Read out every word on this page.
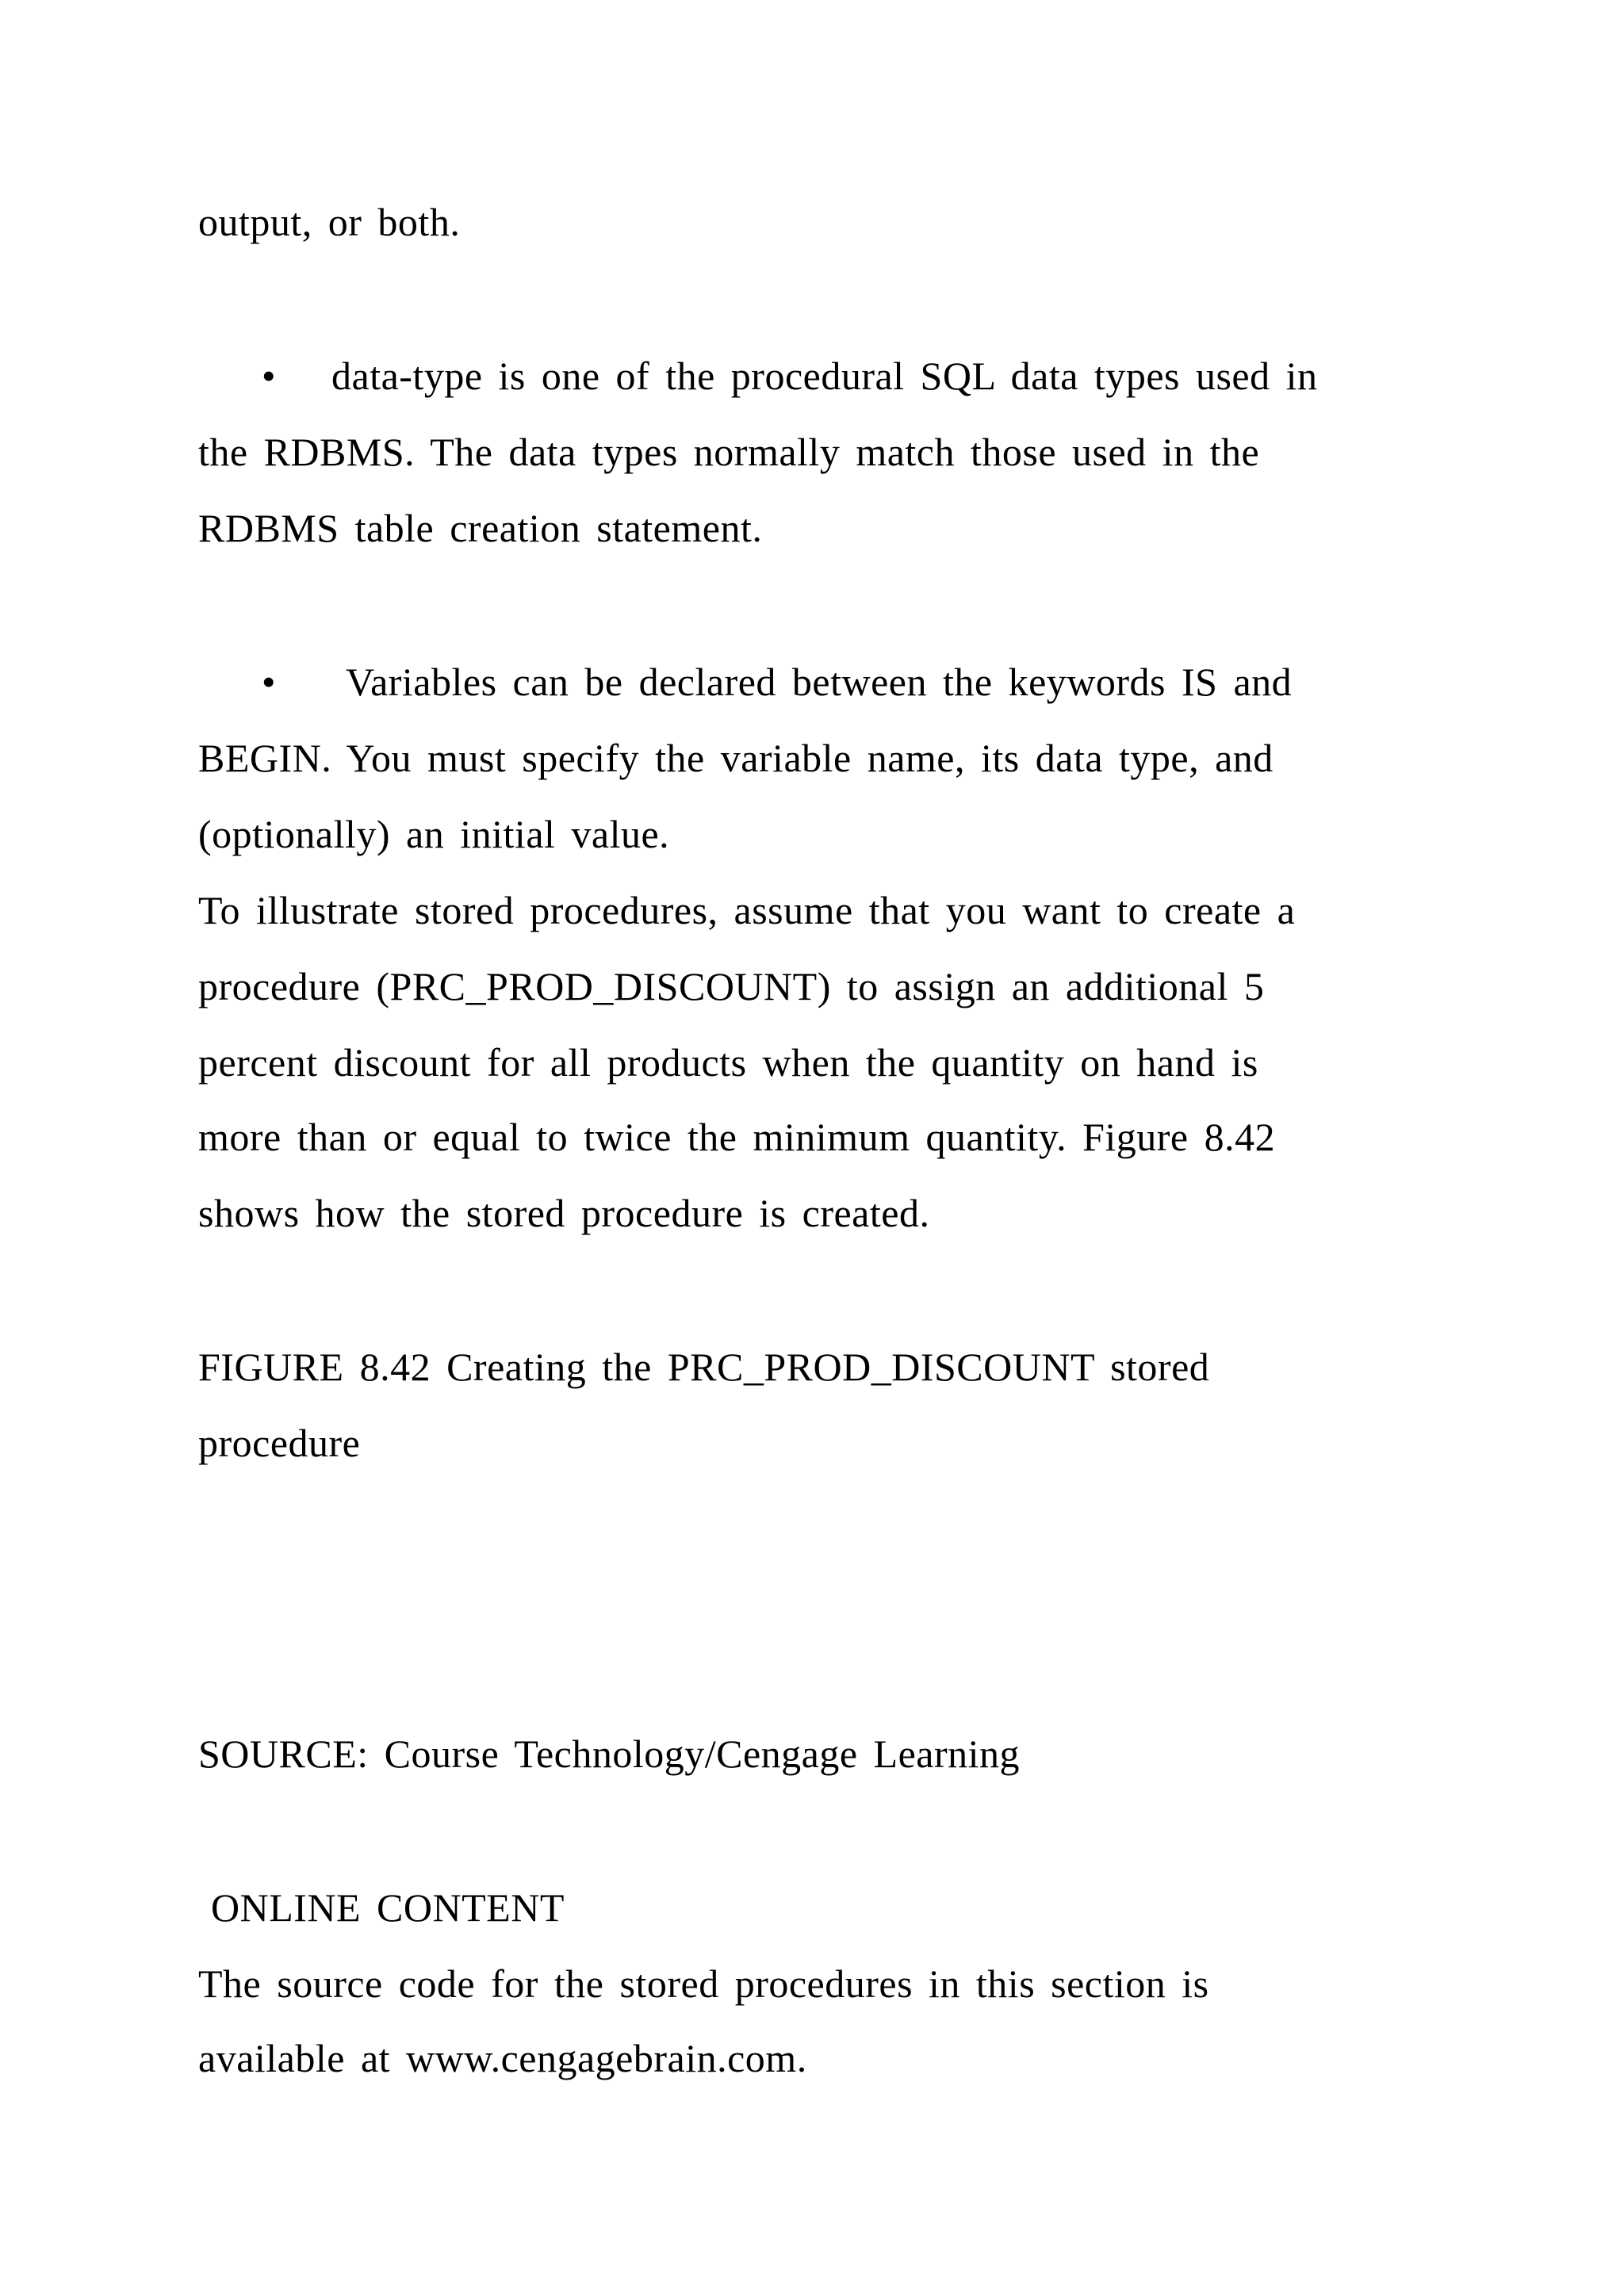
output, or both.
• data-type is one of the procedural SQL data types used in
the RDBMS. The data types normally match those used in the
RDBMS table creation statement.
• Variables can be declared between the keywords IS and
BEGIN. You must specify the variable name, its data type, and
(optionally) an initial value.
To illustrate stored procedures, assume that you want to create a
procedure (PRC_PROD_DISCOUNT) to assign an additional 5
percent discount for all products when the quantity on hand is
more than or equal to twice the minimum quantity. Figure 8.42
shows how the stored procedure is created.
FIGURE 8.42 Creating the PRC_PROD_DISCOUNT stored
procedure
SOURCE: Course Technology/Cengage Learning
ONLINE CONTENT
The source code for the stored procedures in this section is
available at www.cengagebrain.com.
